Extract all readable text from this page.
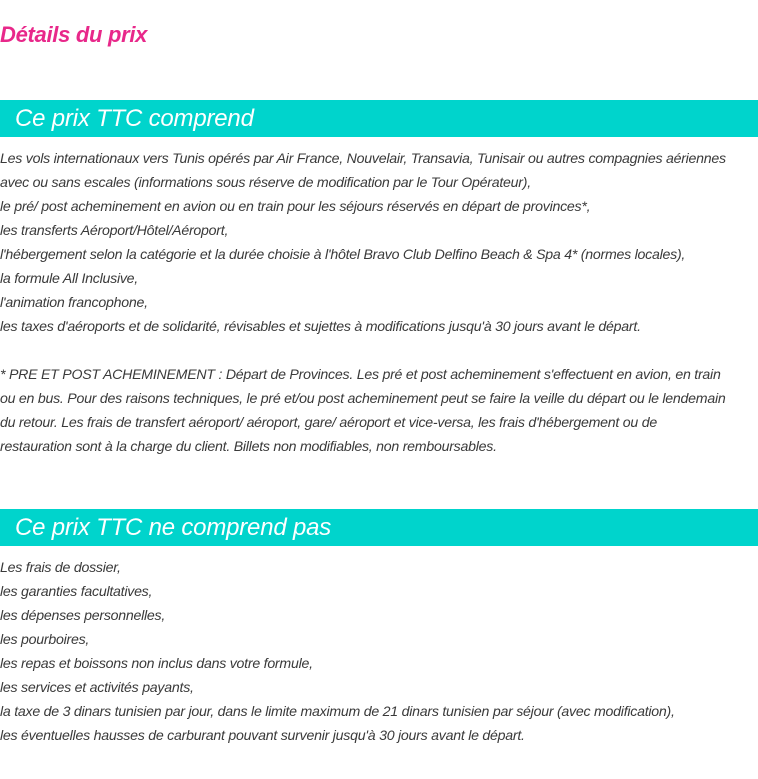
Détails du prix
Ce prix TTC comprend
Les vols internationaux vers Tunis opérés par Air France, Nouvelair, Transavia, Tunisair ou autres compagnies aériennes
avec ou sans escales (informations sous réserve de modification par le Tour Opérateur),
le pré/ post acheminement en avion ou en train pour les séjours réservés en départ de provinces*,
les transferts Aéroport/Hôtel/Aéroport,
l'hébergement selon la catégorie et la durée choisie à l'hôtel Bravo Club Delfino Beach & Spa 4* (normes locales),
la formule All Inclusive,
l'animation francophone,
les taxes d'aéroports et de solidarité, révisables et sujettes à modifications jusqu'à 30 jours avant le départ.

* PRE ET POST ACHEMINEMENT : Départ de Provinces. Les pré et post acheminement s'effectuent en avion, en train
ou en bus. Pour des raisons techniques, le pré et/ou post acheminement peut se faire la veille du départ ou le lendemain
du retour. Les frais de transfert aéroport/ aéroport, gare/ aéroport et vice-versa, les frais d'hébergement ou de
restauration sont à la charge du client. Billets non modifiables, non remboursables.

Ce prix TTC ne comprend pas
Les frais de dossier,
les garanties facultatives,
les dépenses personnelles,
les pourboires,
les repas et boissons non inclus dans votre formule,
les services et activités payants,
la taxe de 3 dinars tunisien par jour, dans le limite maximum de 21 dinars tunisien par séjour (avec modification),
les éventuelles hausses de carburant pouvant survenir jusqu'à 30 jours avant le départ.
